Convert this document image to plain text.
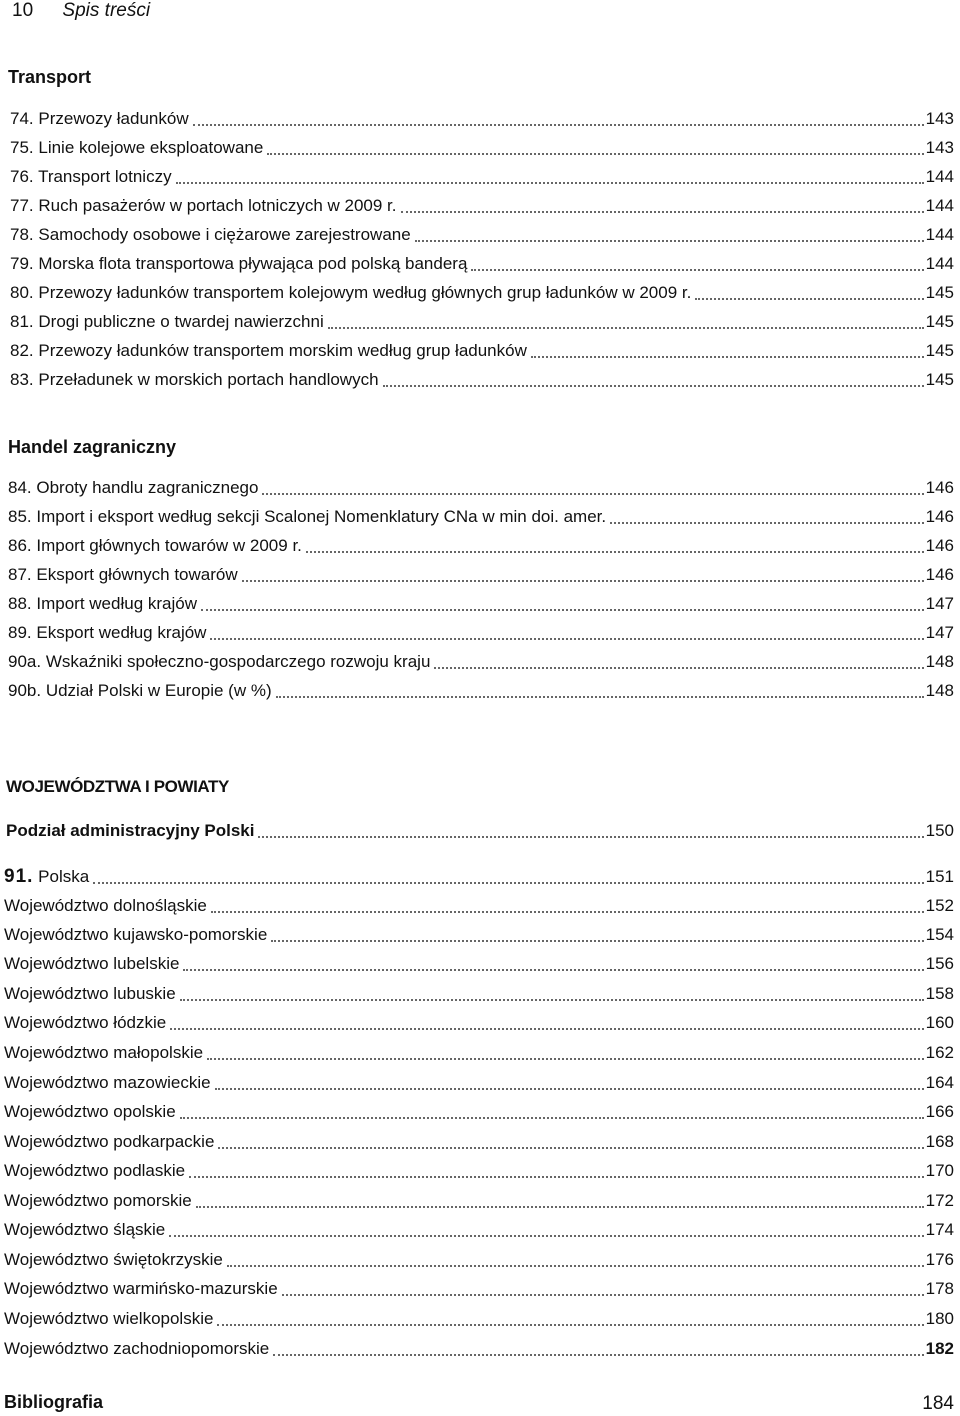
10 Spis treści
Transport
74. Przewozy ładunków	143
75. Linie kolejowe eksploatowane	143
76. Transport lotniczy	144
77. Ruch pasażerów w portach lotniczych w 2009 r.	144
78. Samochody osobowe i ciężarowe zarejestrowane	144
79. Morska flota transportowa pływająca pod polską banderą	144
80. Przewozy ładunków transportem kolejowym według głównych grup ładunków w 2009 r.	145
81. Drogi publiczne o twardej nawierzchni	145
82. Przewozy ładunków transportem morskim według grup ładunków	145
83. Przeładunek w morskich portach handlowych	145
Handel zagraniczny
84. Obroty handlu zagranicznego	146
85. Import i eksport według sekcji Scalonej Nomenklatury CNa w min doi. amer.	146
86. Import głównych towarów w 2009 r.	146
87. Eksport głównych towarów	146
88. Import według krajów	147
89. Eksport według krajów	147
90a. Wskaźniki społeczno-gospodarczego rozwoju kraju	148
90b. Udział Polski w Europie (w %)	148
WOJEWÓDZTWA I POWIATY
Podział administracyjny Polski	150
91. Polska	151
Województwo dolnośląskie	152
Województwo kujawsko-pomorskie	154
Województwo lubelskie	156
Województwo lubuskie	158
Województwo łódzkie	160
Województwo małopolskie	162
Województwo mazowieckie	164
Województwo opolskie	166
Województwo podkarpackie	168
Województwo podlaskie	170
Województwo pomorskie	172
Województwo śląskie	174
Województwo świętokrzyskie	176
Województwo warmińsko-mazurskie	178
Województwo wielkopolskie	180
Województwo zachodniopomorskie	182
Bibliografia	184
